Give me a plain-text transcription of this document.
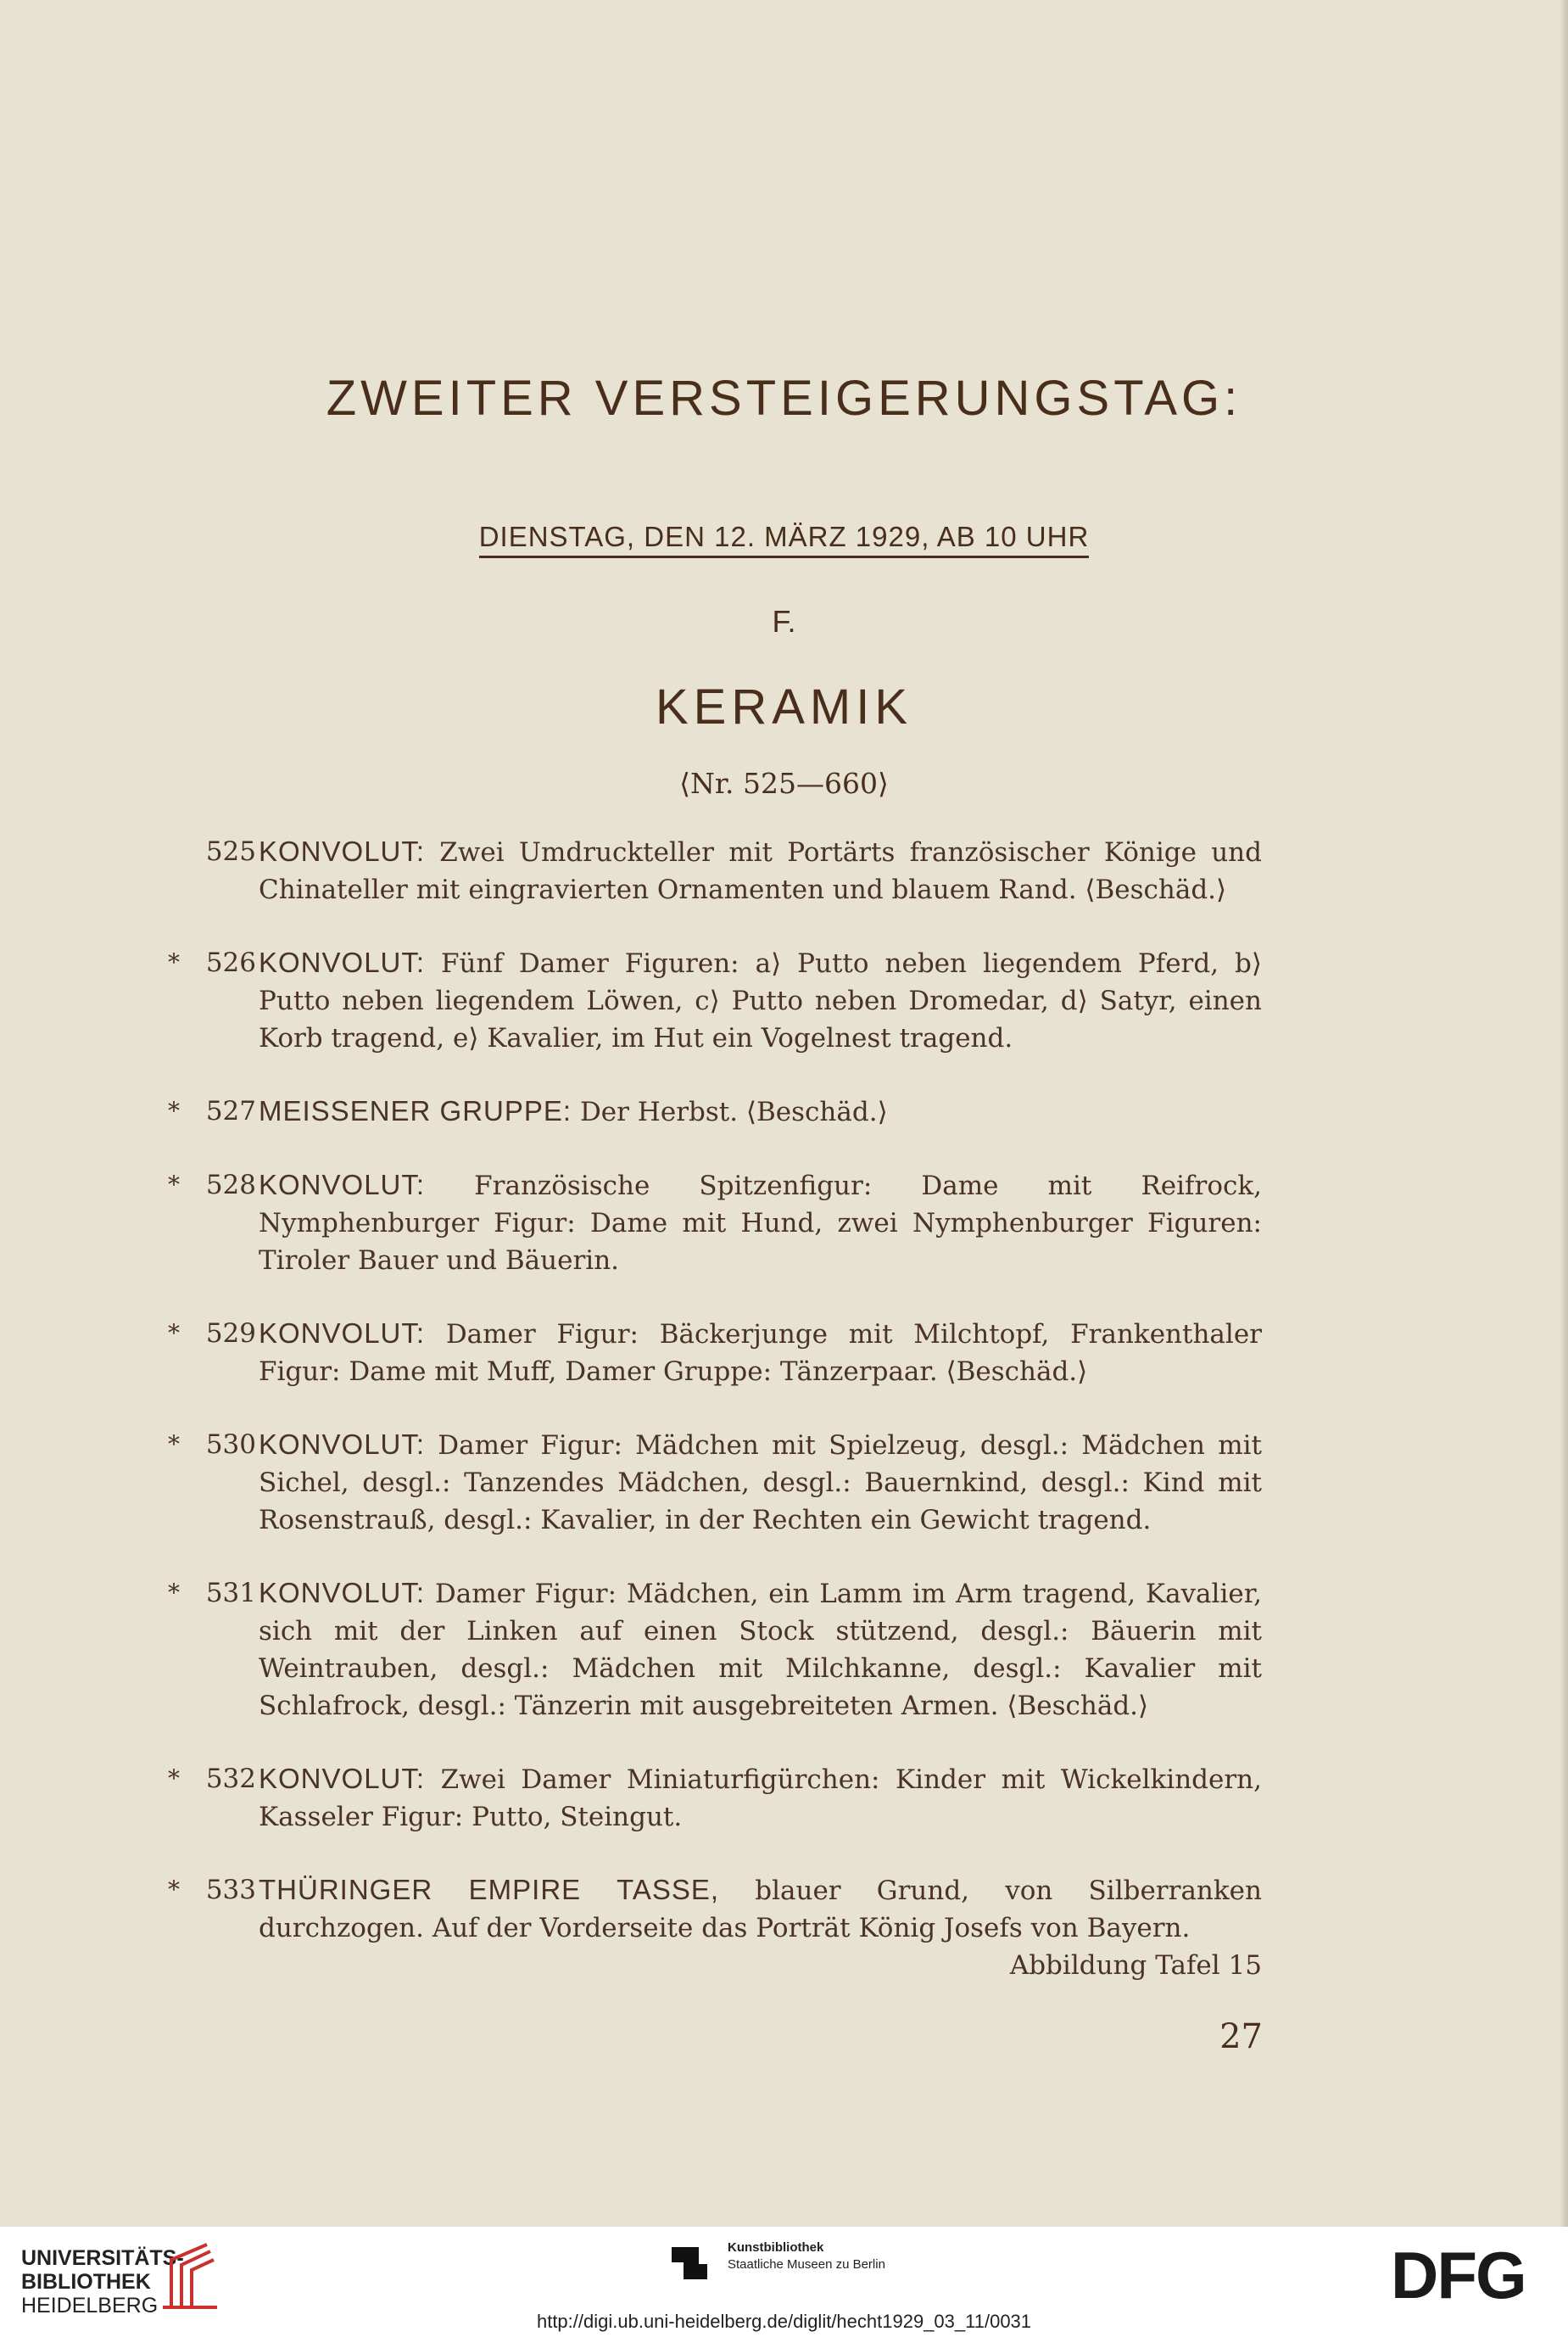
ZWEITER VERSTEIGERUNGSTAG:
DIENSTAG, DEN 12. MÄRZ 1929, AB 10 UHR
F.
KERAMIK
⟨Nr. 525—660⟩
525 KONVOLUT: Zwei Umdruckteller mit Portärts französischer Könige und Chinateller mit eingravierten Ornamenten und blauem Rand. ⟨Beschäd.⟩
* 526 KONVOLUT: Fünf Damer Figuren: a⟩ Putto neben liegendem Pferd, b⟩ Putto neben liegendem Löwen, c⟩ Putto neben Dromedar, d⟩ Satyr, einen Korb tragend, e⟩ Kavalier, im Hut ein Vogelnest tragend.
* 527 MEISSENER GRUPPE: Der Herbst. ⟨Beschäd.⟩
* 528 KONVOLUT: Französische Spitzenfigur: Dame mit Reifrock, Nymphenburger Figur: Dame mit Hund, zwei Nymphenburger Figuren: Tiroler Bauer und Bäuerin.
* 529 KONVOLUT: Damer Figur: Bäckerjunge mit Milchtopf, Frankenthaler Figur: Dame mit Muff, Damer Gruppe: Tänzerpaar. ⟨Beschäd.⟩
* 530 KONVOLUT: Damer Figur: Mädchen mit Spielzeug, desgl.: Mädchen mit Sichel, desgl.: Tanzendes Mädchen, desgl.: Bauernkind, desgl.: Kind mit Rosenstrauß, desgl.: Kavalier, in der Rechten ein Gewicht tragend.
* 531 KONVOLUT: Damer Figur: Mädchen, ein Lamm im Arm tragend, Kavalier, sich mit der Linken auf einen Stock stützend, desgl.: Bäuerin mit Weintrauben, desgl.: Mädchen mit Milchkanne, desgl.: Kavalier mit Schlafrock, desgl.: Tänzerin mit ausgebreiteten Armen. ⟨Beschäd.⟩
* 532 KONVOLUT: Zwei Damer Miniaturfigürchen: Kinder mit Wickelkindern, Kasseler Figur: Putto, Steingut.
* 533 THÜRINGER EMPIRE TASSE, blauer Grund, von Silberranken durchzogen. Auf der Vorderseite das Porträt König Josefs von Bayern.
Abbildung Tafel 15
27
UNIVERSITÄTS-
BIBLIOTHEK
HEIDELBERG
Kunstbibliothek
Staatliche Museen zu Berlin	DFG
http://digi.ub.uni-heidelberg.de/diglit/hecht1929_03_11/0031
